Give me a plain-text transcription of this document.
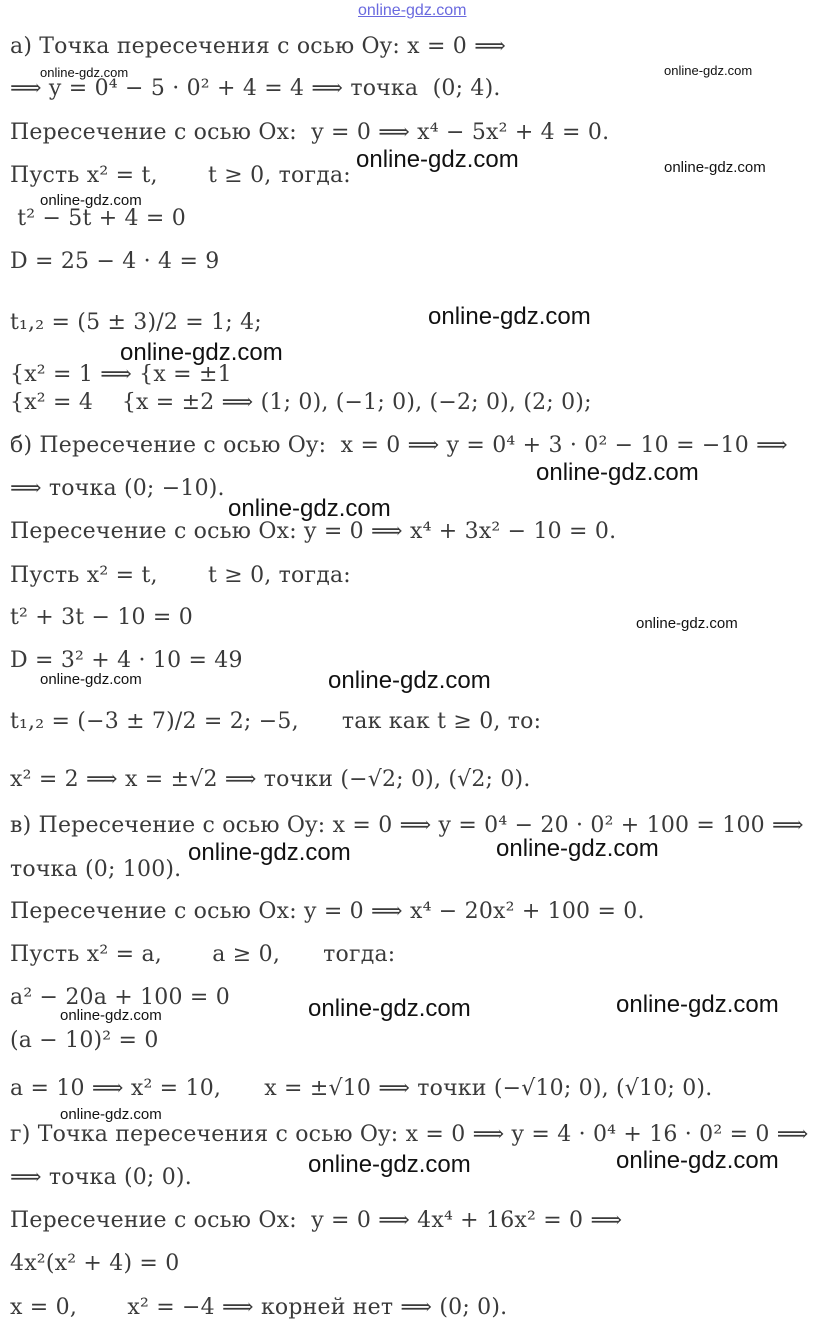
online-gdz.com
а) Точка пересечения с осью Oy: x = 0 ⟹
⟹ y = 0⁴ − 5 · 0² + 4 = 4 ⟹ точка  (0; 4).
Пересечение с осью Ox:  y = 0 ⟹ x⁴ − 5x² + 4 = 0.
Пусть x² = t,       t ≥ 0, тогда:
t² − 5t + 4 = 0
D = 25 − 4 · 4 = 9
t₁,₂ = (5 ± 3)/2 = 1; 4;
{x² = 1 ⟹ {x = ±1
{x² = 4    {x = ±2 ⟹ (1; 0), (−1; 0), (−2; 0), (2; 0);
б) Пересечение с осью Oy:  x = 0 ⟹ y = 0⁴ + 3 · 0² − 10 = −10 ⟹
⟹ точка (0; −10).
Пересечение с осью Ox: y = 0 ⟹ x⁴ + 3x² − 10 = 0.
Пусть x² = t,       t ≥ 0, тогда:
t² + 3t − 10 = 0
D = 3² + 4 · 10 = 49
t₁,₂ = (−3 ± 7)/2 = 2; −5,      так как t ≥ 0, то:
x² = 2 ⟹ x = ±√2 ⟹ точки (−√2; 0), (√2; 0).
в) Пересечение с осью Oy: x = 0 ⟹ y = 0⁴ − 20 · 0² + 100 = 100 ⟹
точка (0; 100).
Пересечение с осью Ox: y = 0 ⟹ x⁴ − 20x² + 100 = 0.
Пусть x² = a,       a ≥ 0,      тогда:
a² − 20a + 100 = 0
(a − 10)² = 0
a = 10 ⟹ x² = 10,      x = ±√10 ⟹ точки (−√10; 0), (√10; 0).
г) Точка пересечения с осью Oy: x = 0 ⟹ y = 4 · 0⁴ + 16 · 0² = 0 ⟹
⟹ точка (0; 0).
Пересечение с осью Ox:  y = 0 ⟹ 4x⁴ + 16x² = 0 ⟹
4x²(x² + 4) = 0
x = 0,       x² = −4 ⟹ корней нет ⟹ (0; 0).
online-gdz.com	online-gdz.com
online-gdz.com	online-gdz.com
online-gdz.com
online-gdz.com
online-gdz.com
online-gdz.com
online-gdz.com
online-gdz.com
online-gdz.com	online-gdz.com
online-gdz.com	online-gdz.com
online-gdz.com	online-gdz.com
online-gdz.com
online-gdz.com
online-gdz.com	online-gdz.com
